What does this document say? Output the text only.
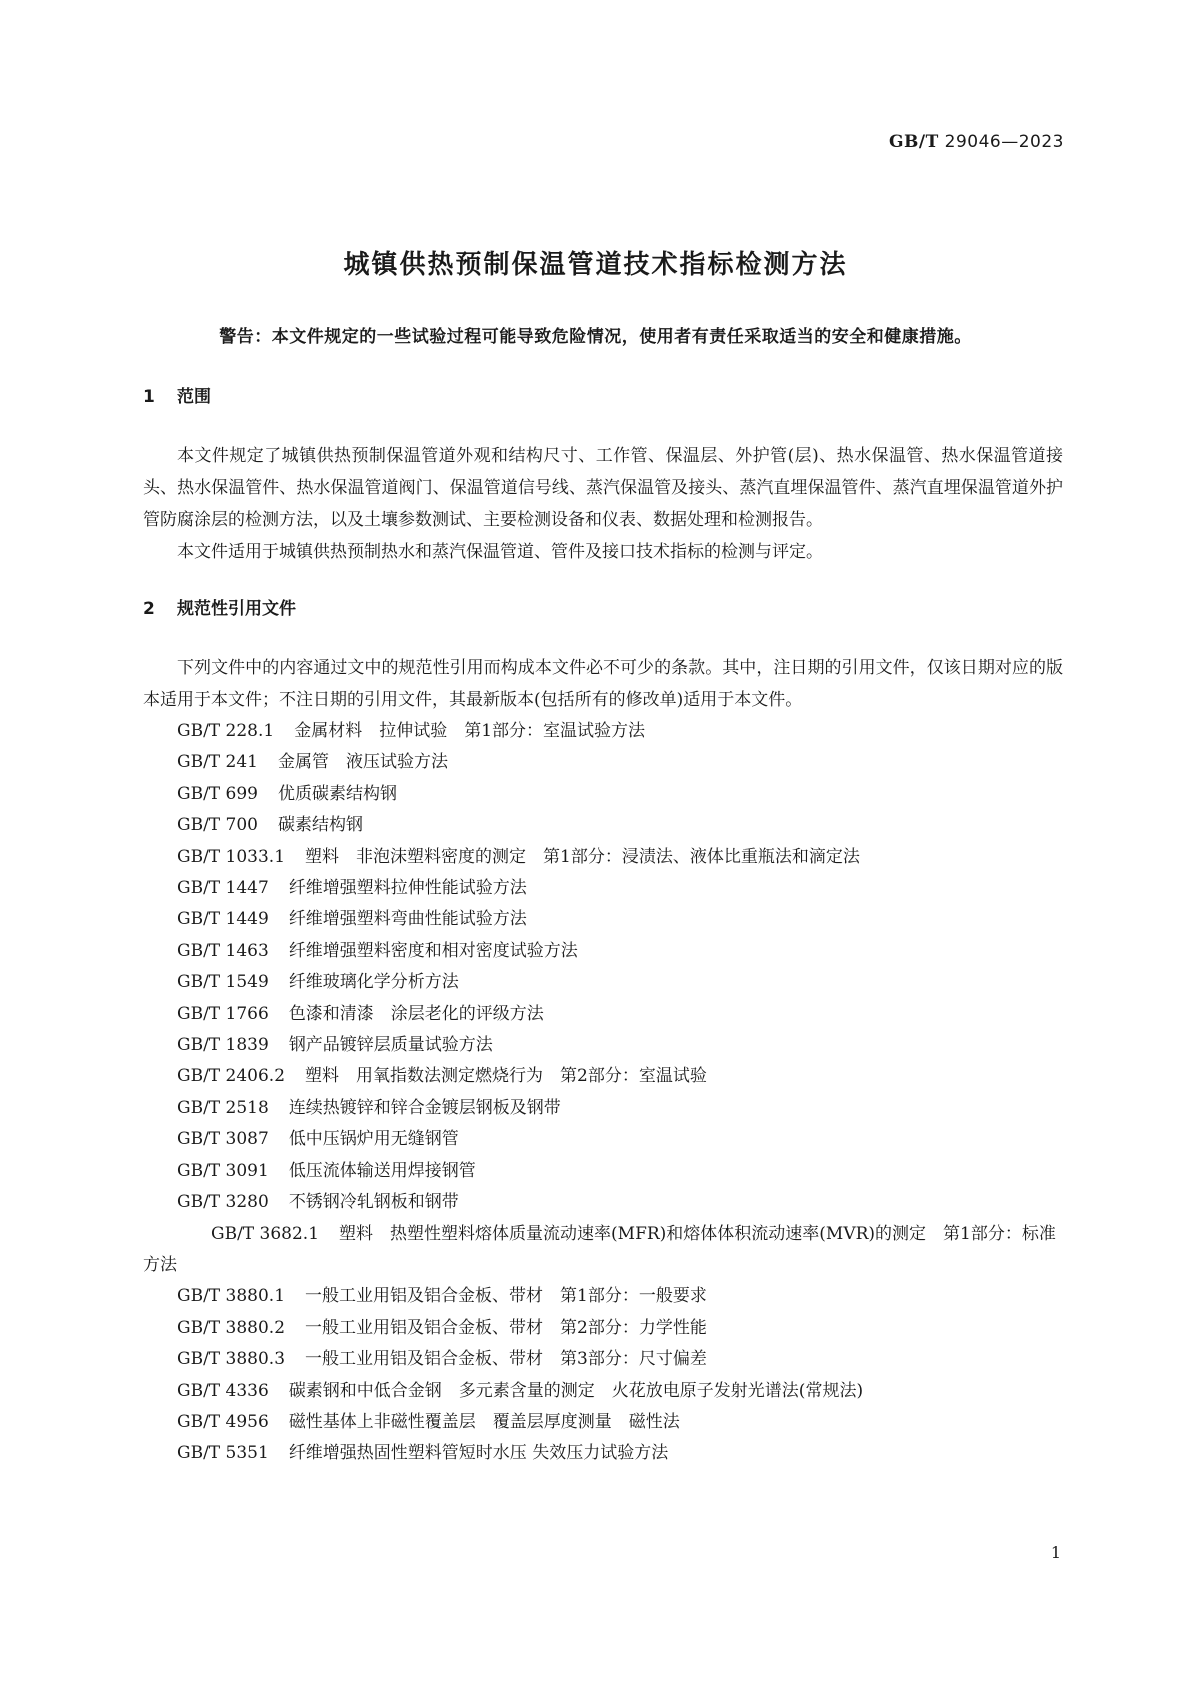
GB/T 29046—2023
城镇供热预制保温管道技术指标检测方法
警告：本文件规定的一些试验过程可能导致危险情况，使用者有责任采取适当的安全和健康措施。
1 范围

本文件规定了城镇供热预制保温管道外观和结构尺寸、工作管、保温层、外护管(层)、热水保温管、热水保温管道接头、热水保温管件、热水保温管道阀门、保温管道信号线、蒸汽保温管及接头、蒸汽直埋保温管件、蒸汽直埋保温管道外护管防腐涂层的检测方法，以及土壤参数测试、主要检测设备和仪表、数据处理和检测报告。

本文件适用于城镇供热预制热水和蒸汽保温管道、管件及接口技术指标的检测与评定。

2 规范性引用文件

下列文件中的内容通过文中的规范性引用而构成本文件必不可少的条款。其中，注日期的引用文件，仅该日期对应的版本适用于本文件；不注日期的引用文件，其最新版本(包括所有的修改单)适用于本文件。

GB/T 228.1 金属材料　拉伸试验　第1部分：室温试验方法
GB/T 241 金属管　液压试验方法
GB/T 699 优质碳素结构钢
GB/T 700 碳素结构钢
GB/T 1033.1 塑料　非泡沫塑料密度的测定　第1部分：浸渍法、液体比重瓶法和滴定法
GB/T 1447 纤维增强塑料拉伸性能试验方法
GB/T 1449 纤维增强塑料弯曲性能试验方法
GB/T 1463 纤维增强塑料密度和相对密度试验方法
GB/T 1549 纤维玻璃化学分析方法
GB/T 1766 色漆和清漆　涂层老化的评级方法
GB/T 1839 钢产品镀锌层质量试验方法
GB/T 2406.2 塑料　用氧指数法测定燃烧行为　第2部分：室温试验
GB/T 2518 连续热镀锌和锌合金镀层钢板及钢带
GB/T 3087 低中压锅炉用无缝钢管
GB/T 3091 低压流体输送用焊接钢管
GB/T 3280 不锈钢冷轧钢板和钢带
GB/T 3682.1 塑料　热塑性塑料熔体质量流动速率(MFR)和熔体体积流动速率(MVR)的测定　第1部分：标准方法
GB/T 3880.1 一般工业用铝及铝合金板、带材　第1部分：一般要求
GB/T 3880.2 一般工业用铝及铝合金板、带材　第2部分：力学性能
GB/T 3880.3 一般工业用铝及铝合金板、带材　第3部分：尺寸偏差
GB/T 4336 碳素钢和中低合金钢　多元素含量的测定　火花放电原子发射光谱法(常规法)
GB/T 4956 磁性基体上非磁性覆盖层　覆盖层厚度测量　磁性法
GB/T 5351 纤维增强热固性塑料管短时水压 失效压力试验方法
1
